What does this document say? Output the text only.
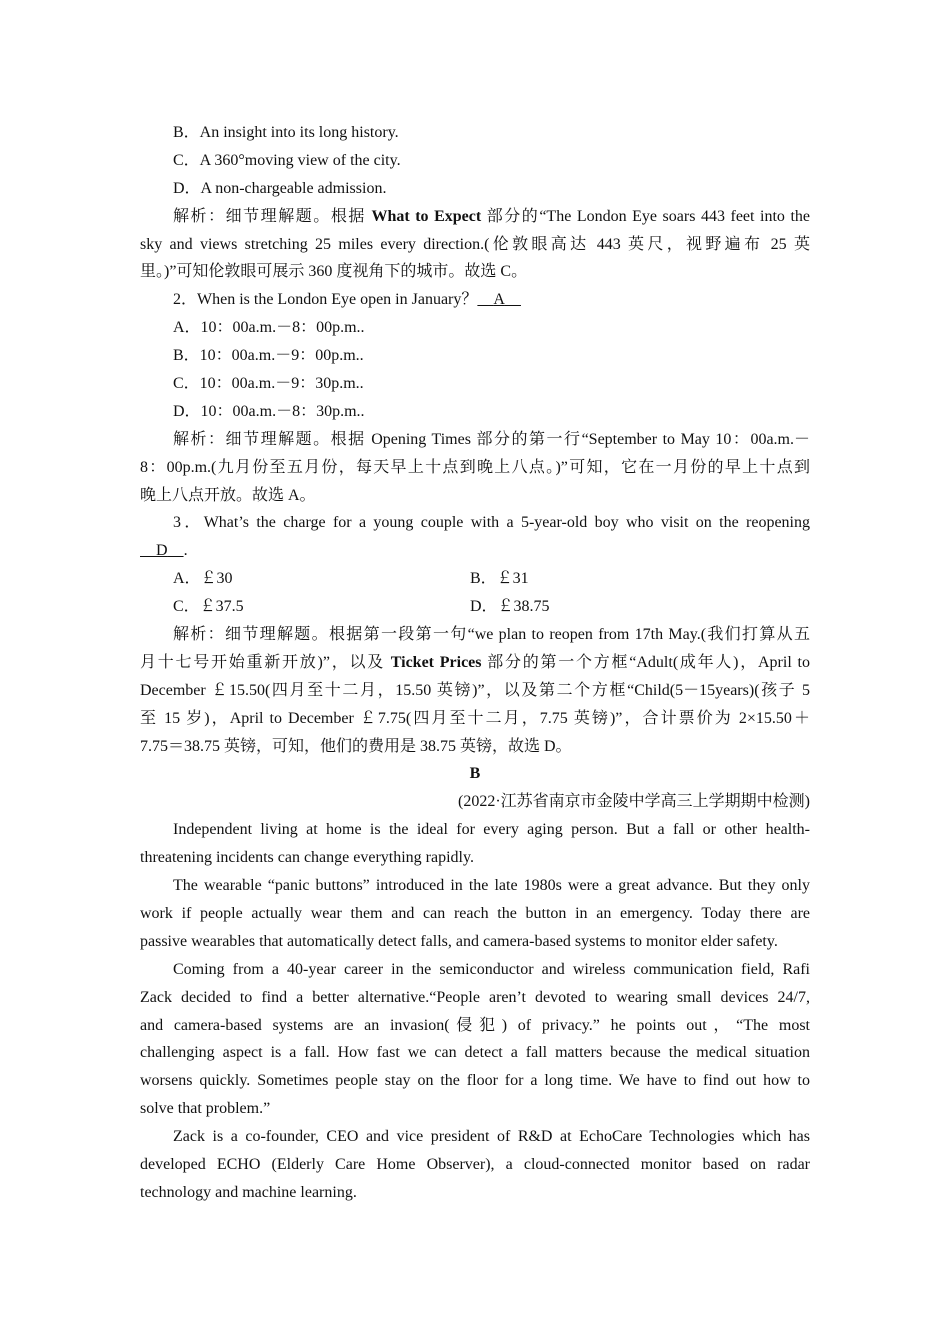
B．An insight into its long history.
C．A 360°moving view of the city.
D．A non-chargeable admission.
解析：细节理解题。根据 What to Expect 部分的“The London Eye soars 443 feet into the
sky and views stretching 25 miles every direction.(伦敦眼高达 443 英尺，视野遍布 25 英
里。)”可知伦敦眼可展示 360 度视角下的城市。故选 C。
2．When is the London Eye open in January？ A
A．10：00a.m.－8：00p.m..
B．10：00a.m.－9：00p.m..
C．10：00a.m.－9：30p.m..
D．10：00a.m.－8：30p.m..
解析：细节理解题。根据 Opening Times 部分的第一行“September to May 10：00a.m.－
8：00p.m.(九月份至五月份，每天早上十点到晚上八点。)”可知，它在一月份的早上十点到
晚上八点开放。故选 A。
3．What’s the charge for a young couple with a 5-year-old boy who visit on the reopening
D .
A．￡30	B．￡31
C．￡37.5	D．￡38.75
解析：细节理解题。根据第一段第一句“we plan to reopen from 17th May.(我们打算从五
月十七号开始重新开放)”，以及 Ticket Prices 部分的第一个方框“Adult(成年人)，April to
December ￡15.50(四月至十二月，15.50 英镑)”，以及第二个方框“Child(5－15years)(孩子 5
至 15 岁)，April to December ￡7.75(四月至十二月，7.75 英镑)”，合计票价为 2×15.50＋
7.75＝38.75 英镑，可知，他们的费用是 38.75 英镑，故选 D。
B
(2022·江苏省南京市金陵中学高三上学期期中检测)
Independent living at home is the ideal for every aging person. But a fall or other health-
threatening incidents can change everything rapidly.
The wearable “panic buttons” introduced in the late 1980s were a great advance. But they only
work if people actually wear them and can reach the button in an emergency. Today there are
passive wearables that automatically detect falls, and camera-based systems to monitor elder safety.
Coming from a 40-year career in the semiconductor and wireless communication field, Rafi
Zack decided to find a better alternative.“People aren’t devoted to wearing small devices 24/7,
and camera-based systems are an invasion(侵犯) of privacy.” he points out，“The most
challenging aspect is a fall. How fast we can detect a fall matters because the medical situation
worsens quickly. Sometimes people stay on the floor for a long time. We have to find out how to
solve that problem.”
Zack is a co-founder, CEO and vice president of R&D at EchoCare Technologies which has
developed ECHO (Elderly Care Home Observer), a cloud-connected monitor based on radar
technology and machine learning.
